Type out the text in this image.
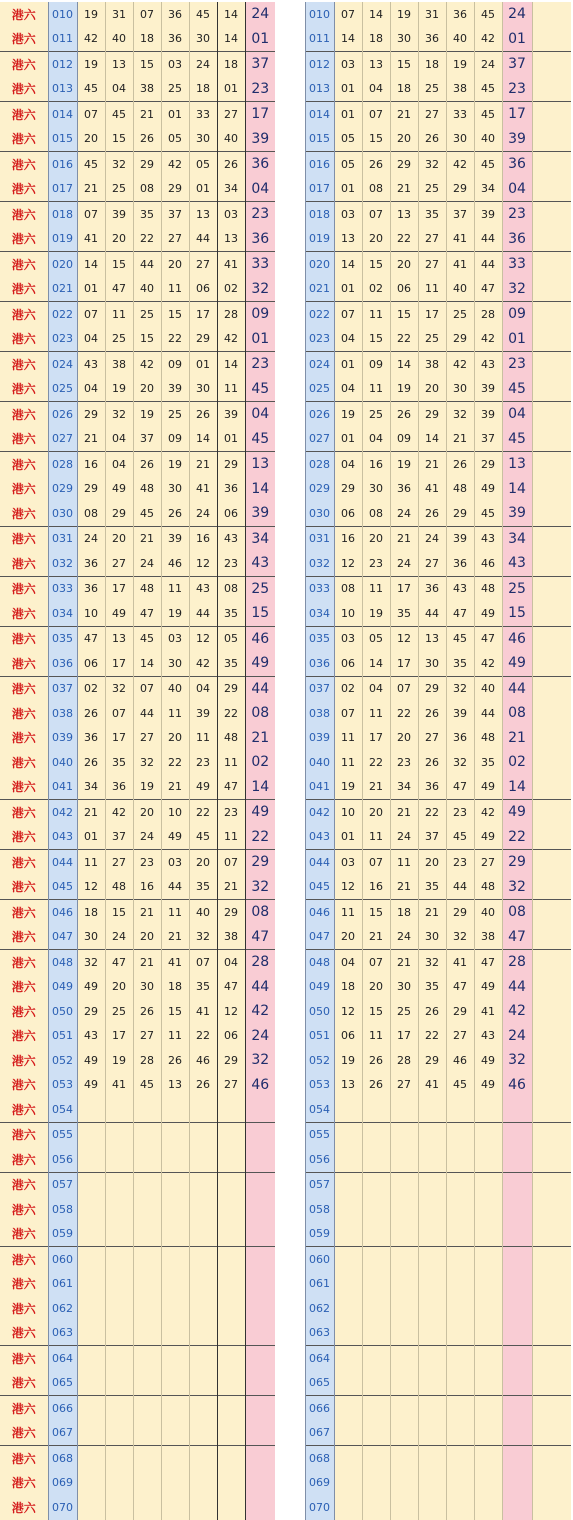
港六	010	19	31	07	36	45	14	24
港六	011	42	40	18	36	30	14	01
港六	012	19	13	15	03	24	18	37
港六	013	45	04	38	25	18	01	23
港六	014	07	45	21	01	33	27	17
港六	015	20	15	26	05	30	40	39
港六	016	45	32	29	42	05	26	36
港六	017	21	25	08	29	01	34	04
港六	018	07	39	35	37	13	03	23
港六	019	41	20	22	27	44	13	36
港六	020	14	15	44	20	27	41	33
港六	021	01	47	40	11	06	02	32
港六	022	07	11	25	15	17	28	09
港六	023	04	25	15	22	29	42	01
港六	024	43	38	42	09	01	14	23
港六	025	04	19	20	39	30	11	45
港六	026	29	32	19	25	26	39	04
港六	027	21	04	37	09	14	01	45
港六	028	16	04	26	19	21	29	13
港六	029	29	49	48	30	41	36	14
港六	030	08	29	45	26	24	06	39
港六	031	24	20	21	39	16	43	34
港六	032	36	27	24	46	12	23	43
港六	033	36	17	48	11	43	08	25
港六	034	10	49	47	19	44	35	15
港六	035	47	13	45	03	12	05	46
港六	036	06	17	14	30	42	35	49
港六	037	02	32	07	40	04	29	44
港六	038	26	07	44	11	39	22	08
港六	039	36	17	27	20	11	48	21
港六	040	26	35	32	22	23	11	02
港六	041	34	36	19	21	49	47	14
港六	042	21	42	20	10	22	23	49
港六	043	01	37	24	49	45	11	22
港六	044	11	27	23	03	20	07	29
港六	045	12	48	16	44	35	21	32
港六	046	18	15	21	11	40	29	08
港六	047	30	24	20	21	32	38	47
港六	048	32	47	21	41	07	04	28
港六	049	49	20	30	18	35	47	44
港六	050	29	25	26	15	41	12	42
港六	051	43	17	27	11	22	06	24
港六	052	49	19	28	26	46	29	32
港六	053	49	41	45	13	26	27	46
港六	054							
港六	055							
港六	056							
港六	057							
港六	058							
港六	059							
港六	060							
港六	061							
港六	062							
港六	063							
港六	064							
港六	065							
港六	066							
港六	067							
港六	068							
港六	069							
港六	070							
	010	07	14	19	31	36	45	24	
	011	14	18	30	36	40	42	01	
	012	03	13	15	18	19	24	37	
	013	01	04	18	25	38	45	23	
	014	01	07	21	27	33	45	17	
	015	05	15	20	26	30	40	39	
	016	05	26	29	32	42	45	36	
	017	01	08	21	25	29	34	04	
	018	03	07	13	35	37	39	23	
	019	13	20	22	27	41	44	36	
	020	14	15	20	27	41	44	33	
	021	01	02	06	11	40	47	32	
	022	07	11	15	17	25	28	09	
	023	04	15	22	25	29	42	01	
	024	01	09	14	38	42	43	23	
	025	04	11	19	20	30	39	45	
	026	19	25	26	29	32	39	04	
	027	01	04	09	14	21	37	45	
	028	04	16	19	21	26	29	13	
	029	29	30	36	41	48	49	14	
	030	06	08	24	26	29	45	39	
	031	16	20	21	24	39	43	34	
	032	12	23	24	27	36	46	43	
	033	08	11	17	36	43	48	25	
	034	10	19	35	44	47	49	15	
	035	03	05	12	13	45	47	46	
	036	06	14	17	30	35	42	49	
	037	02	04	07	29	32	40	44	
	038	07	11	22	26	39	44	08	
	039	11	17	20	27	36	48	21	
	040	11	22	23	26	32	35	02	
	041	19	21	34	36	47	49	14	
	042	10	20	21	22	23	42	49	
	043	01	11	24	37	45	49	22	
	044	03	07	11	20	23	27	29	
	045	12	16	21	35	44	48	32	
	046	11	15	18	21	29	40	08	
	047	20	21	24	30	32	38	47	
	048	04	07	21	32	41	47	28	
	049	18	20	30	35	47	49	44	
	050	12	15	25	26	29	41	42	
	051	06	11	17	22	27	43	24	
	052	19	26	28	29	46	49	32	
	053	13	26	27	41	45	49	46	
	054								
	055								
	056								
	057								
	058								
	059								
	060								
	061								
	062								
	063								
	064								
	065								
	066								
	067								
	068								
	069								
	070								
